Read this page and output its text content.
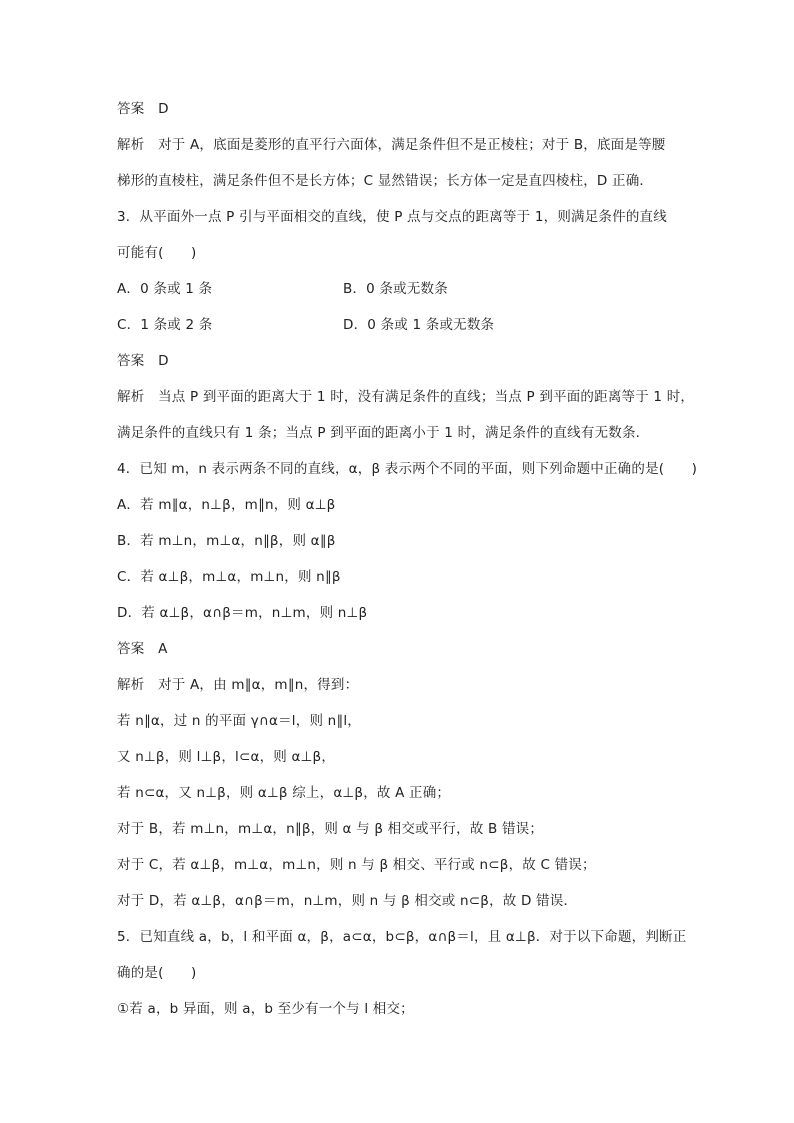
答案　D
解析　对于 A，底面是菱形的直平行六面体，满足条件但不是正棱柱；对于 B，底面是等腰
梯形的直棱柱，满足条件但不是长方体；C 显然错误；长方体一定是直四棱柱，D 正确．
3．从平面外一点 P 引与平面相交的直线，使 P 点与交点的距离等于 1，则满足条件的直线
可能有(　　)
A．0 条或 1 条	B．0 条或无数条
C．1 条或 2 条	D．0 条或 1 条或无数条
答案　D
解析　当点 P 到平面的距离大于 1 时，没有满足条件的直线；当点 P 到平面的距离等于 1 时，
满足条件的直线只有 1 条；当点 P 到平面的距离小于 1 时，满足条件的直线有无数条．
4．已知 m，n 表示两条不同的直线，α，β 表示两个不同的平面，则下列命题中正确的是(　　)
A．若 m∥α，n⊥β，m∥n，则 α⊥β
B．若 m⊥n，m⊥α，n∥β，则 α∥β
C．若 α⊥β，m⊥α，m⊥n，则 n∥β
D．若 α⊥β，α∩β＝m，n⊥m，则 n⊥β
答案　A
解析　对于 A，由 m∥α，m∥n，得到：
若 n∥α，过 n 的平面 γ∩α＝l，则 n∥l，
又 n⊥β，则 l⊥β，l⊂α，则 α⊥β，
若 n⊂α，又 n⊥β，则 α⊥β 综上，α⊥β，故 A 正确；
对于 B，若 m⊥n，m⊥α，n∥β，则 α 与 β 相交或平行，故 B 错误；
对于 C，若 α⊥β，m⊥α，m⊥n，则 n 与 β 相交、平行或 n⊂β，故 C 错误；
对于 D，若 α⊥β，α∩β＝m，n⊥m，则 n 与 β 相交或 n⊂β，故 D 错误．
5．已知直线 a，b，l 和平面 α，β，a⊂α，b⊂β，α∩β＝l，且 α⊥β．对于以下命题，判断正
确的是(　　)
①若 a，b 异面，则 a，b 至少有一个与 l 相交；
